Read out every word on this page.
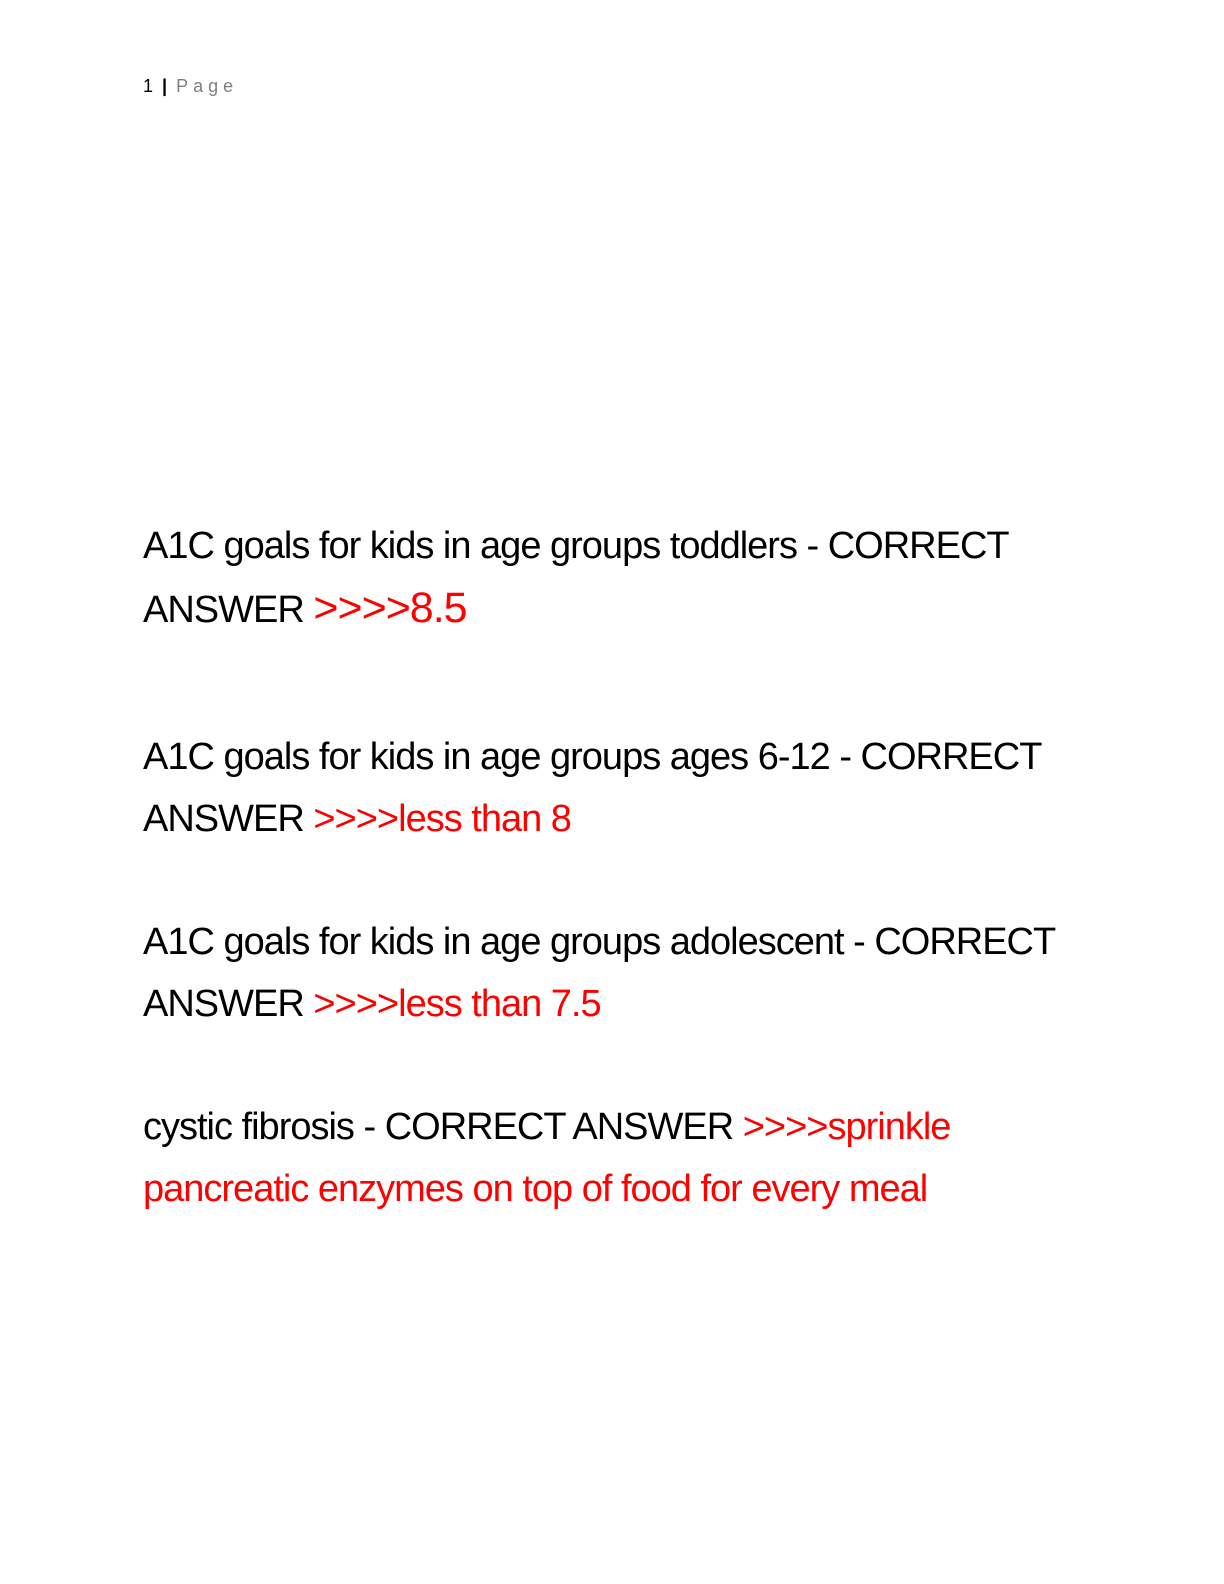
1 | Page
A1C goals for kids in age groups toddlers - CORRECT ANSWER >>>>8.5
A1C goals for kids in age groups ages 6-12 - CORRECT ANSWER >>>>less than 8
A1C goals for kids in age groups adolescent - CORRECT ANSWER >>>>less than 7.5
cystic fibrosis - CORRECT ANSWER >>>>sprinkle pancreatic enzymes on top of food for every meal
